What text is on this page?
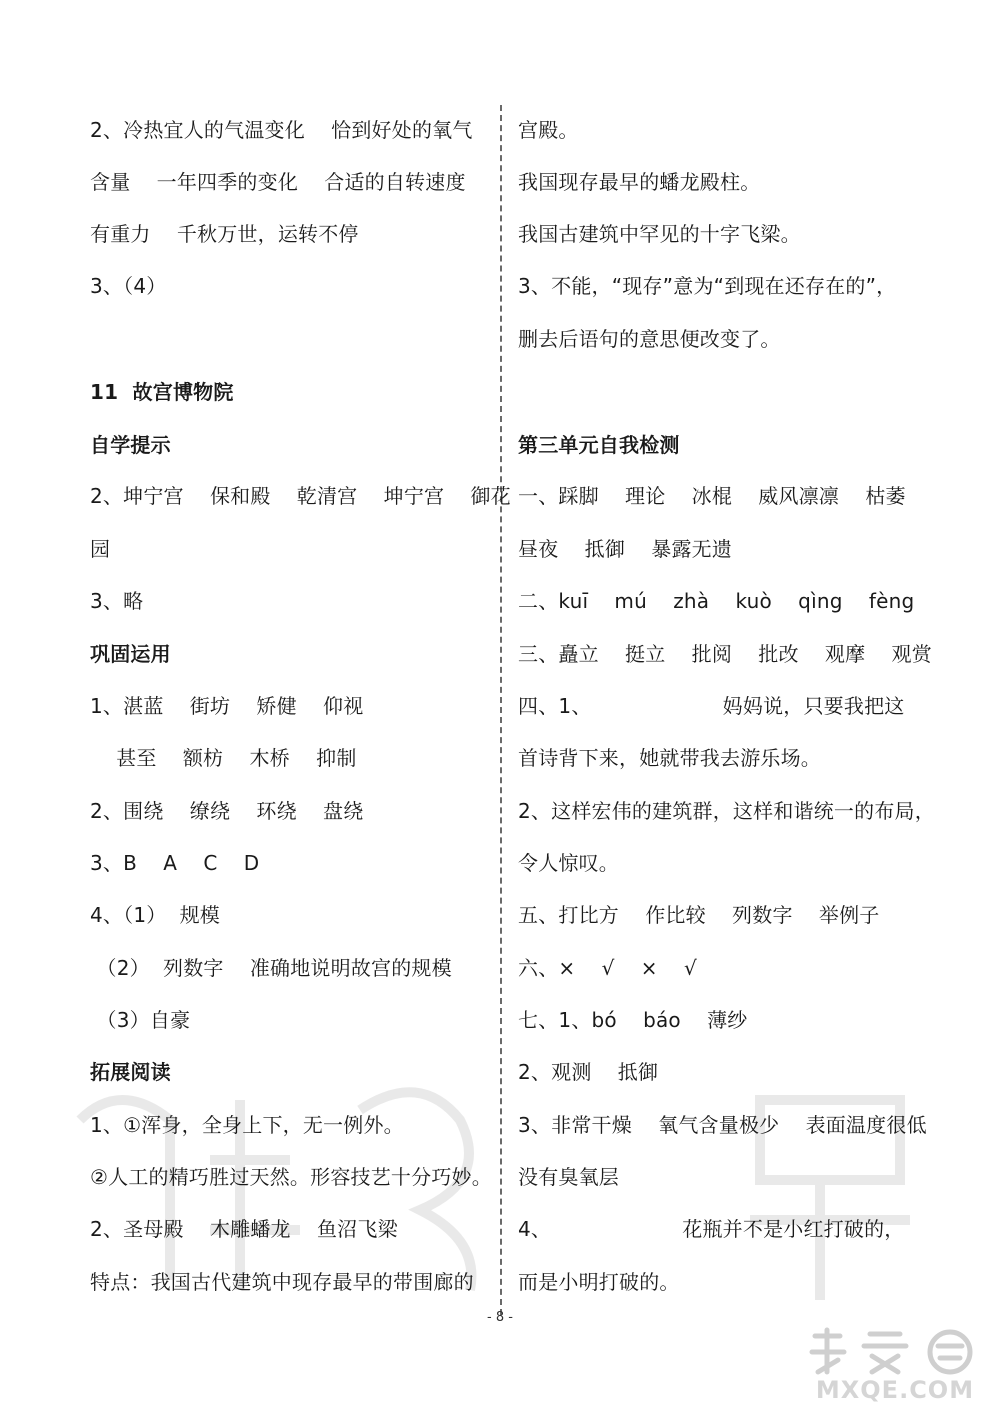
2、冷热宜人的气温变化    恰到好处的氧气
含量    一年四季的变化    合适的自转速度
有重力    千秋万世，运转不停
3、（4）
11  故宫博物院
自学提示
2、坤宁宫    保和殿    乾清宫    坤宁宫    御花
园
3、略
巩固运用
1、湛蓝    街坊    矫健    仰视
甚至    额枋    木桥    抑制
2、围绕    缭绕    环绕    盘绕
3、B    A    C    D
4、（1）  规模
（2）  列数字    准确地说明故宫的规模
（3）自豪
拓展阅读
1、①浑身，全身上下，无一例外。
②人工的精巧胜过天然。形容技艺十分巧妙。
2、圣母殿    木雕蟠龙    鱼沼飞梁
特点：我国古代建筑中现存最早的带围廊的
宫殿。
我国现存最早的蟠龙殿柱。
我国古建筑中罕见的十字飞梁。
3、不能，“现存”意为“到现在还存在的”，
删去后语句的意思便改变了。
第三单元自我检测
一、踩脚    理论    冰棍    威风凛凛    枯萎
昼夜    抵御    暴露无遗
二、kuī    mú    zhà    kuò    qìng    fèng
三、矗立    挺立    批阅    批改    观摩    观赏
四、1、                    妈妈说，只要我把这
首诗背下来，她就带我去游乐场。
2、这样宏伟的建筑群，这样和谐统一的布局，
令人惊叹。
五、打比方    作比较    列数字    举例子
六、×    √    ×    √
七、1、bó    báo    薄纱
2、观测    抵御
3、非常干燥    氧气含量极少    表面温度很低
没有臭氧层
4、                    花瓶并不是小红打破的，
而是小明打破的。
- 8 -
MXQE.COM
